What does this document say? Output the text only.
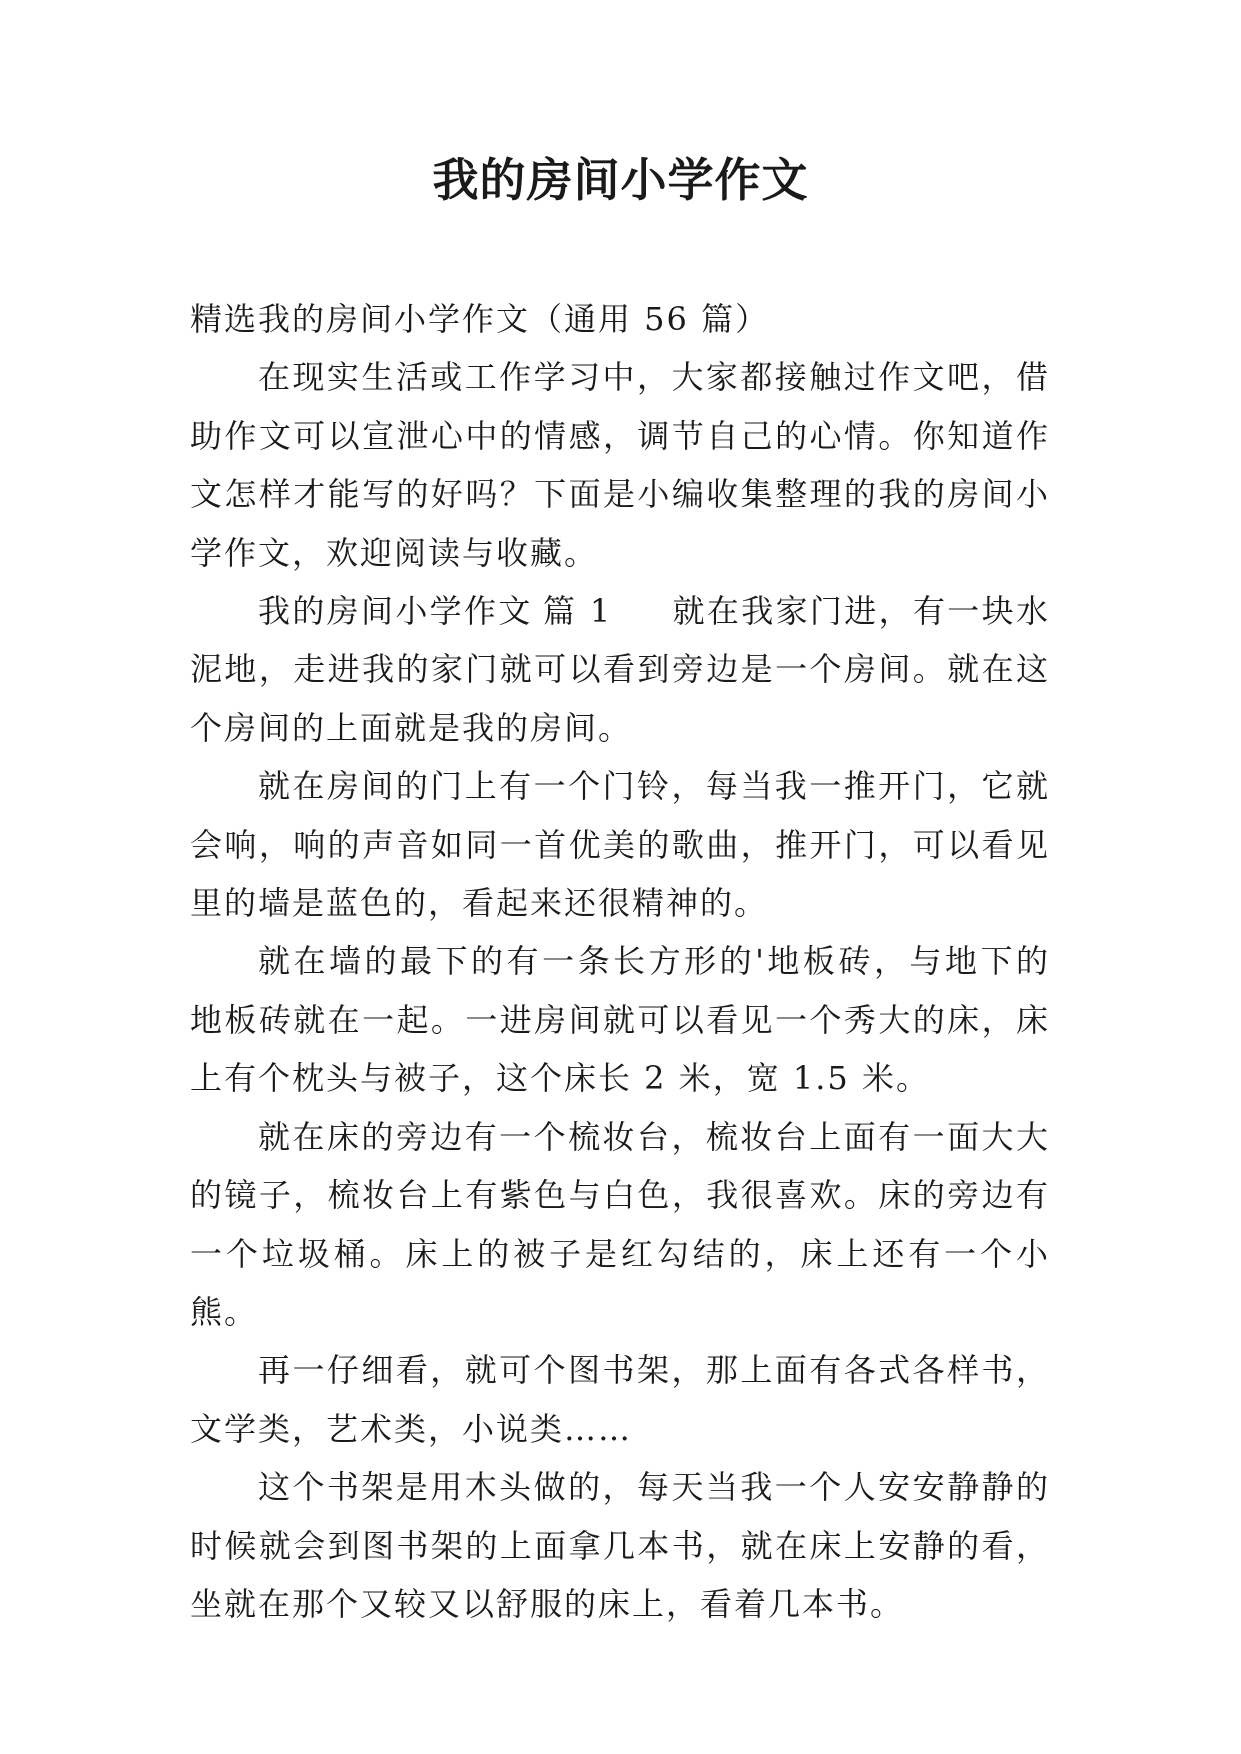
我的房间小学作文

精选我的房间小学作文（通用 56 篇）

在现实生活或工作学习中，大家都接触过作文吧，借助作文可以宣泄心中的情感，调节自己的心情。你知道作文怎样才能写的好吗？下面是小编收集整理的我的房间小学作文，欢迎阅读与收藏。

我的房间小学作文 篇 1 就在我家门进，有一块水泥地，走进我的家门就可以看到旁边是一个房间。就在这个房间的上面就是我的房间。

就在房间的门上有一个门铃，每当我一推开门，它就会响，响的声音如同一首优美的歌曲，推开门，可以看见里的墙是蓝色的，看起来还很精神的。

就在墙的最下的有一条长方形的'地板砖，与地下的地板砖就在一起。一进房间就可以看见一个秀大的床，床上有个枕头与被子，这个床长 2 米，宽 1.5 米。

就在床的旁边有一个梳妆台，梳妆台上面有一面大大的镜子，梳妆台上有紫色与白色，我很喜欢。床的旁边有一个垃圾桶。床上的被子是红勾结的，床上还有一个小熊。

再一仔细看，就可个图书架，那上面有各式各样书，文学类，艺术类，小说类……

这个书架是用木头做的，每天当我一个人安安静静的时候就会到图书架的上面拿几本书，就在床上安静的看，坐就在那个又较又以舒服的床上，看着几本书。
